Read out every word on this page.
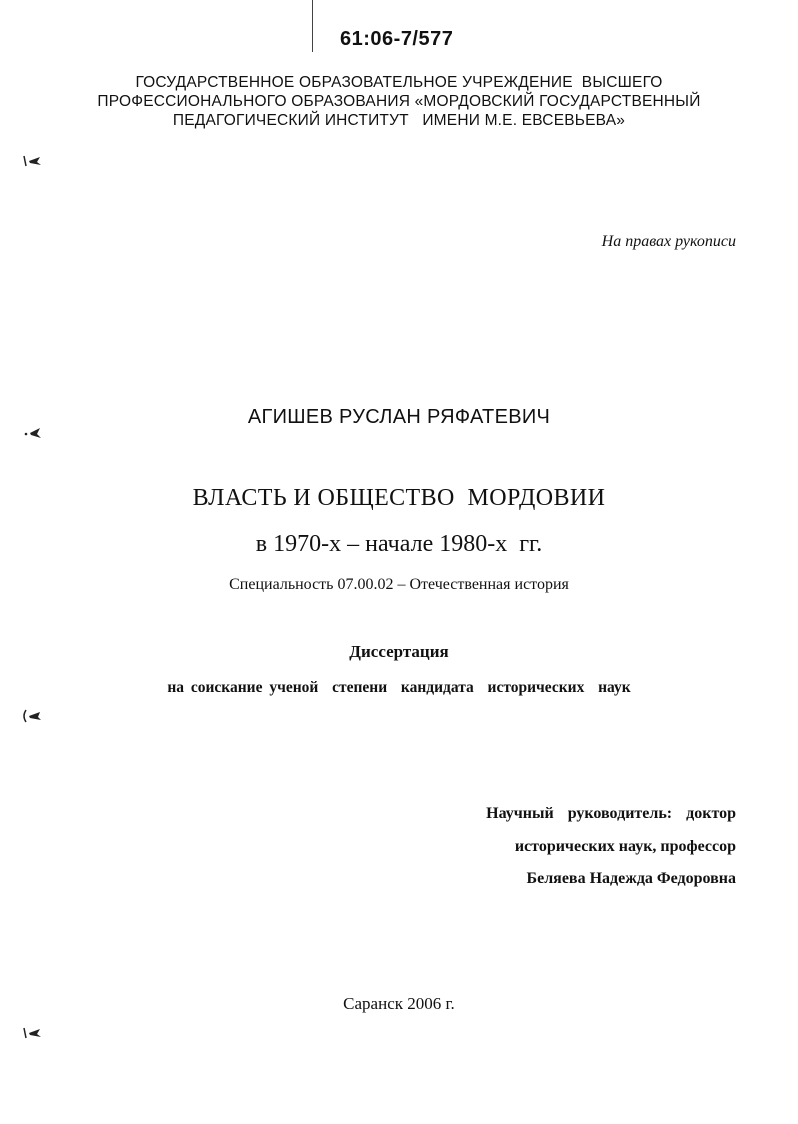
61:06-7/577
ГОСУДАРСТВЕННОЕ ОБРАЗОВАТЕЛЬНОЕ УЧРЕЖДЕНИЕ  ВЫСШЕГО
ПРОФЕССИОНАЛЬНОГО ОБРАЗОВАНИЯ «МОРДОВСКИЙ ГОСУДАРСТВЕННЫЙ
ПЕДАГОГИЧЕСКИЙ ИНСТИТУТ   ИМЕНИ М.Е. ЕВСЕВЬЕВА»
На правах рукописи
АГИШЕВ РУСЛАН РЯФАТЕВИЧ
ВЛАСТЬ И ОБЩЕСТВО  МОРДОВИИ
в 1970-х – начале 1980-х  гг.
Специальность 07.00.02 – Отечественная история
Диссертация
на соискание ученой  степени  кандидата  исторических  наук
Научный  руководитель:  доктор
исторических наук, профессор
Беляева Надежда Федоровна
Саранск 2006 г.
